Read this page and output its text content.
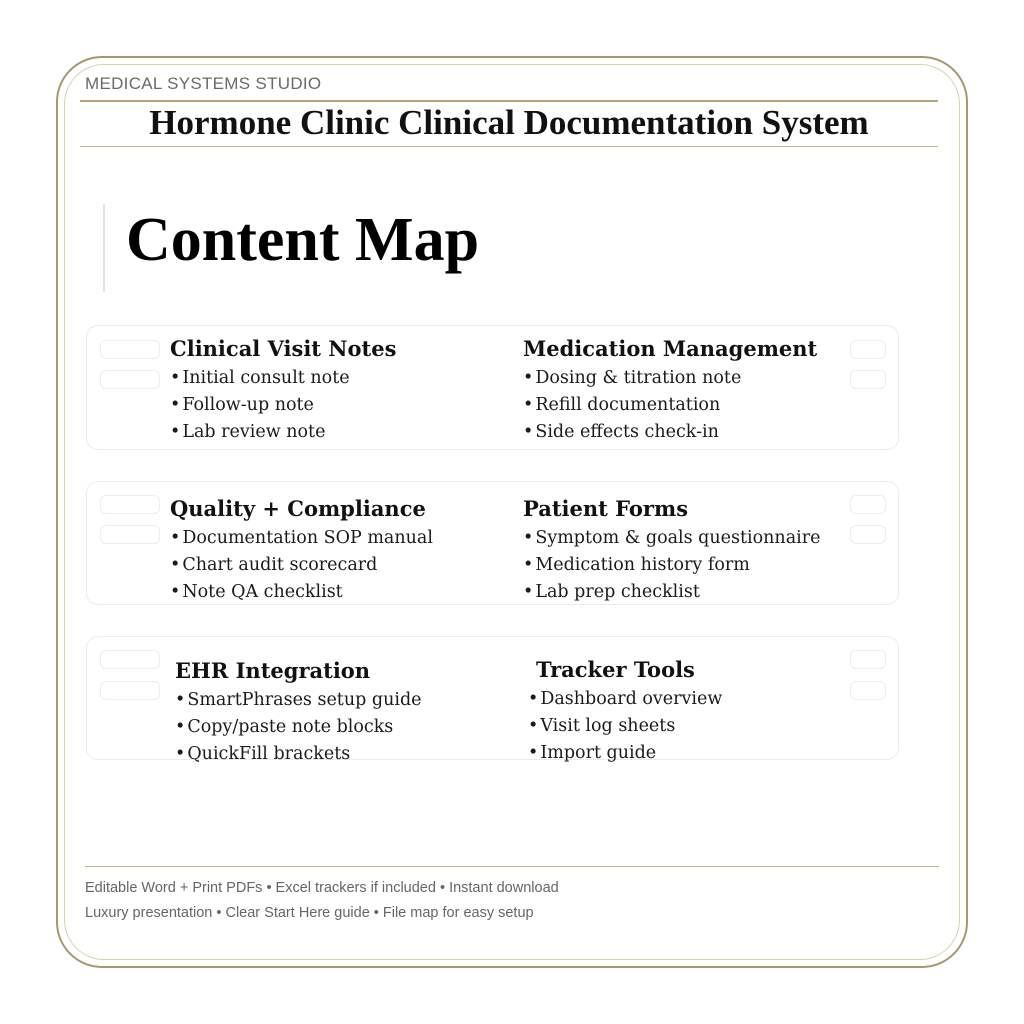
MEDICAL SYSTEMS STUDIO
Hormone Clinic Clinical Documentation System
Content Map
Clinical Visit Notes
• Initial consult note
• Follow-up note
• Lab review note
Medication Management
• Dosing & titration note
• Refill documentation
• Side effects check-in
Quality + Compliance
• Documentation SOP manual
• Chart audit scorecard
• Note QA checklist
Patient Forms
• Symptom & goals questionnaire
• Medication history form
• Lab prep checklist
EHR Integration
• SmartPhrases setup guide
• Copy/paste note blocks
• QuickFill brackets
Tracker Tools
• Dashboard overview
• Visit log sheets
• Import guide
Editable Word + Print PDFs • Excel trackers if included • Instant download
Luxury presentation • Clear Start Here guide • File map for easy setup
